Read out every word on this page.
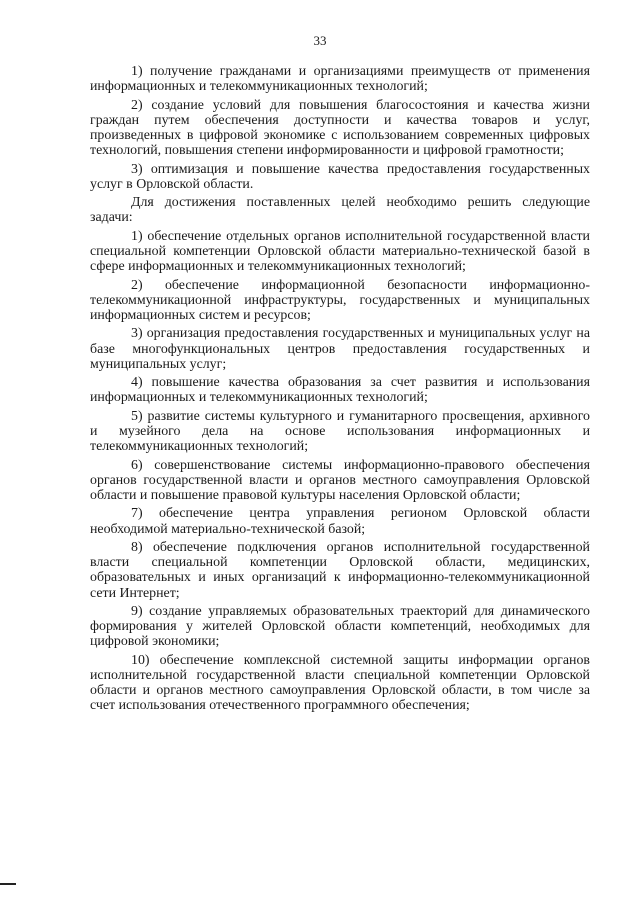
33

1) получение гражданами и организациями преимуществ от применения информационных и телекоммуникационных технологий;

2) создание условий для повышения благосостояния и качества жизни граждан путем обеспечения доступности и качества товаров и услуг, произведенных в цифровой экономике с использованием современных цифровых технологий, повышения степени информированности и цифровой грамотности;

3) оптимизация и повышение качества предоставления государственных услуг в Орловской области.

Для достижения поставленных целей необходимо решить следующие задачи:

1) обеспечение отдельных органов исполнительной государственной власти специальной компетенции Орловской области материально-технической базой в сфере информационных и телекоммуникационных технологий;

2) обеспечение информационной безопасности информационно-телекоммуникационной инфраструктуры, государственных и муниципальных информационных систем и ресурсов;

3) организация предоставления государственных и муниципальных услуг на базе многофункциональных центров предоставления государственных и муниципальных услуг;

4) повышение качества образования за счет развития и использования информационных и телекоммуникационных технологий;

5) развитие системы культурного и гуманитарного просвещения, архивного и музейного дела на основе использования информационных и телекоммуникационных технологий;

6) совершенствование системы информационно-правового обеспечения органов государственной власти и органов местного самоуправления Орловской области и повышение правовой культуры населения Орловской области;

7) обеспечение центра управления регионом Орловской области необходимой материально-технической базой;

8) обеспечение подключения органов исполнительной государственной власти специальной компетенции Орловской области, медицинских, образовательных и иных организаций к информационно-телекоммуникационной сети Интернет;

9) создание управляемых образовательных траекторий для динамического формирования у жителей Орловской области компетенций, необходимых для цифровой экономики;

10) обеспечение комплексной системной защиты информации органов исполнительной государственной власти специальной компетенции Орловской области и органов местного самоуправления Орловской области, в том числе за счет использования отечественного программного обеспечения;
